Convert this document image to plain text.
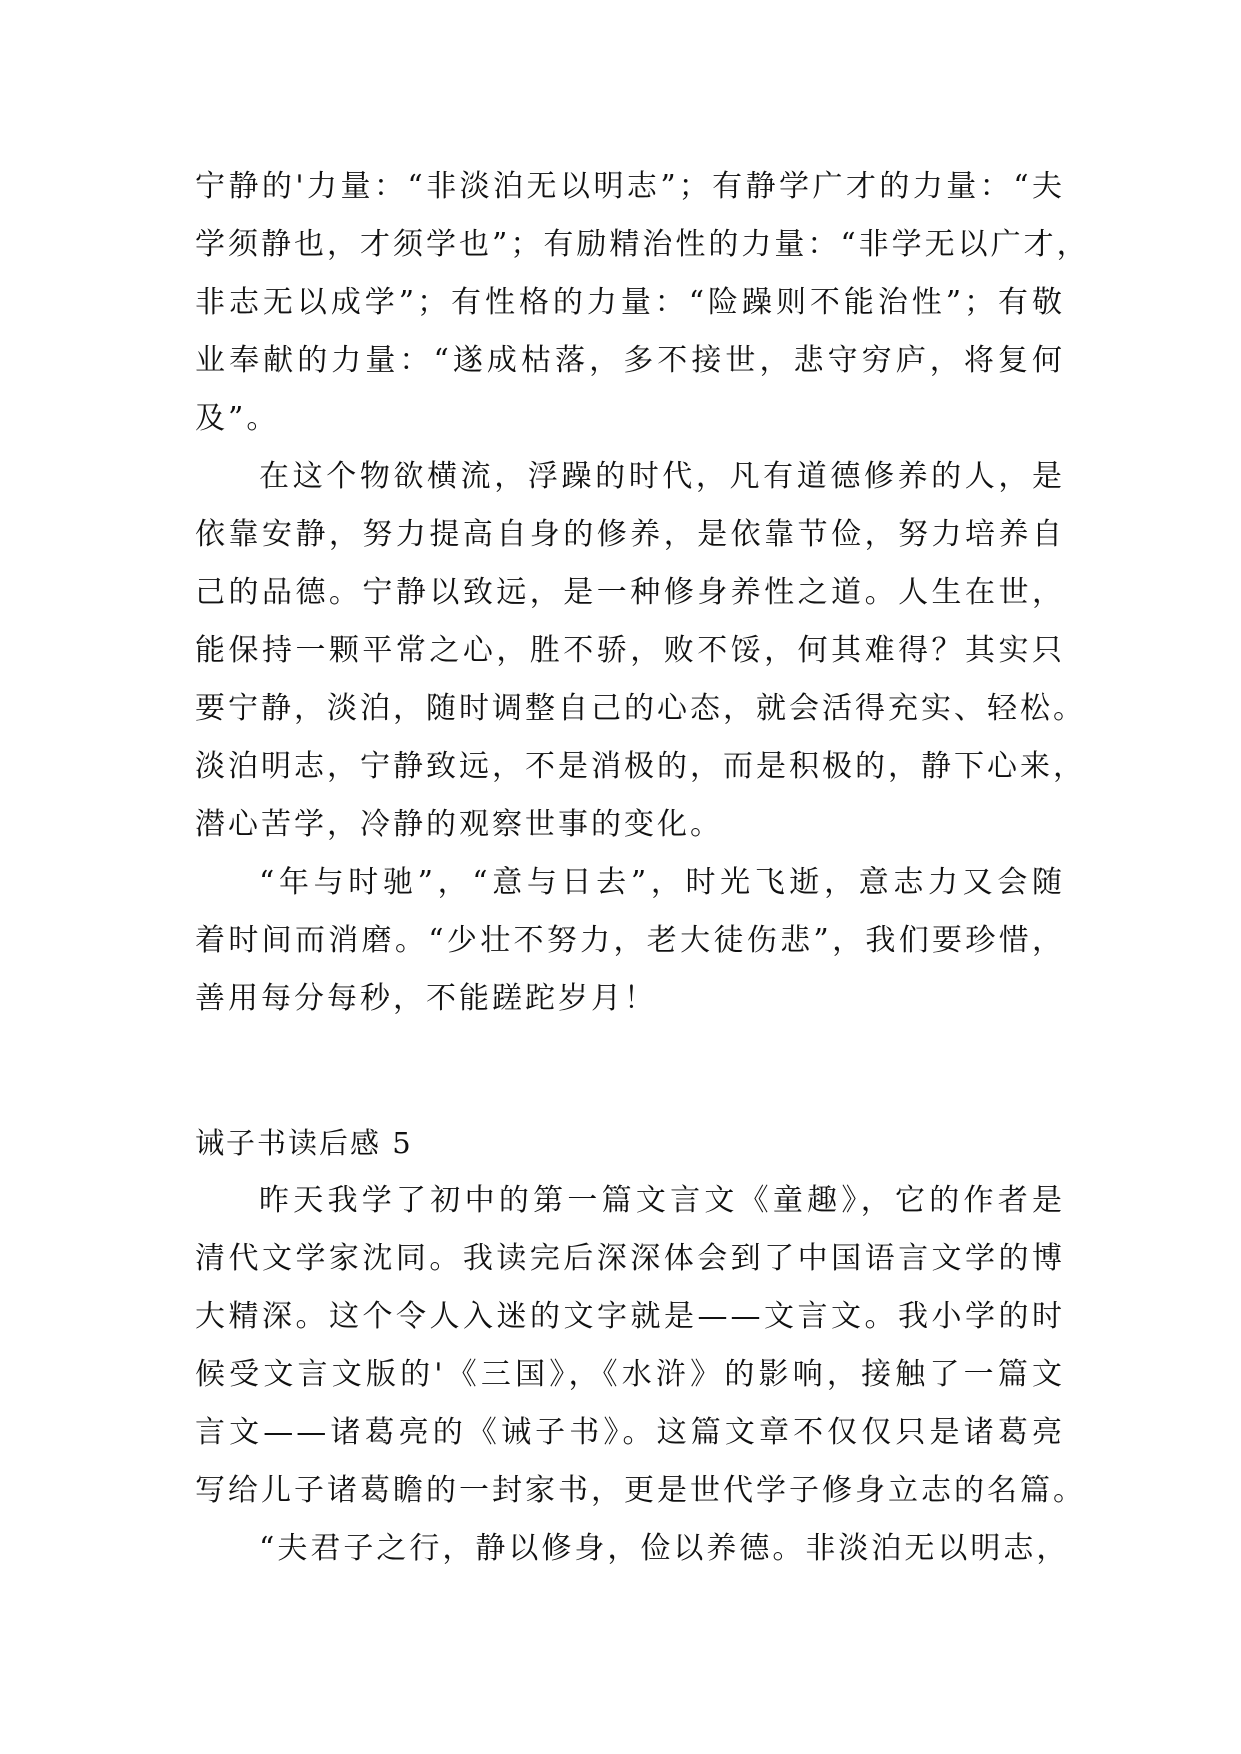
宁静的'力量：“非淡泊无以明志”；有静学广才的力量：“夫
学须静也，才须学也”；有励精治性的力量：“非学无以广才，
非志无以成学”；有性格的力量：“险躁则不能治性”；有敬
业奉献的力量：“遂成枯落，多不接世，悲守穷庐，将复何
及”。
在这个物欲横流，浮躁的时代，凡有道德修养的人，是
依靠安静，努力提高自身的修养，是依靠节俭，努力培养自
己的品德。宁静以致远，是一种修身养性之道。人生在世，
能保持一颗平常之心，胜不骄，败不馁，何其难得？其实只
要宁静，淡泊，随时调整自己的心态，就会活得充实、轻松。
淡泊明志，宁静致远，不是消极的，而是积极的，静下心来，
潜心苦学，冷静的观察世事的变化。
“年与时驰”，“意与日去”，时光飞逝，意志力又会随
着时间而消磨。“少壮不努力，老大徒伤悲”，我们要珍惜，
善用每分每秒，不能蹉跎岁月！
诫子书读后感 5
昨天我学了初中的第一篇文言文《童趣》，它的作者是
清代文学家沈同。我读完后深深体会到了中国语言文学的博
大精深。这个令人入迷的文字就是——文言文。我小学的时
候受文言文版的'《三国》，《水浒》的影响，接触了一篇文
言文——诸葛亮的《诫子书》。这篇文章不仅仅只是诸葛亮
写给儿子诸葛瞻的一封家书，更是世代学子修身立志的名篇。
“夫君子之行，静以修身，俭以养德。非淡泊无以明志，
